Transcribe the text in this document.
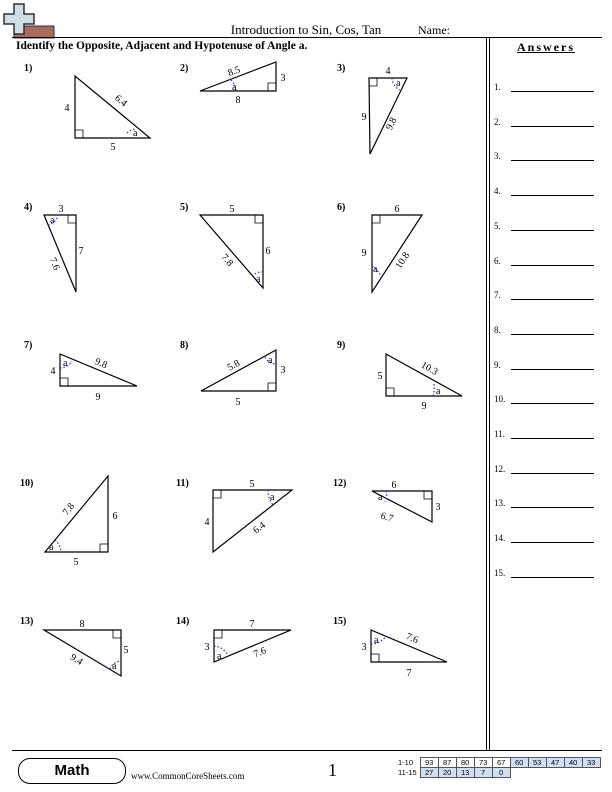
Introduction to Sin, Cos, Tan	Name:
Identify the Opposite, Adjacent and Hypotenuse of Angle a.	Answers
1.
2.
3.
4.
5.
6.
7.
8.
9.
10.
11.
12.
13.
14.
15.
1)	2)	3)
4)	5)	6)
7)	8)	9)
10)	11)	12)
13)	14)	15)
a
a	a
a
a
a
a	a
a
a
a	a
a
a
a
4
5
6.4
3
8
8.5	4
9 9.8
3
7
7.6
5
6
7.8
6
9	10.8
4
9
9.8	3
5
5.8
5
9
10.3
6
5
7.8
5
4	6.4
6
3
6.7
8
5
9.4
7
3	7.6	3
7
7.6
Math	www.CommonCoreSheets.com	1	1-10	93	87	80	73	67	60	53	47	40	33
11-15	27	20	13	7	0					
